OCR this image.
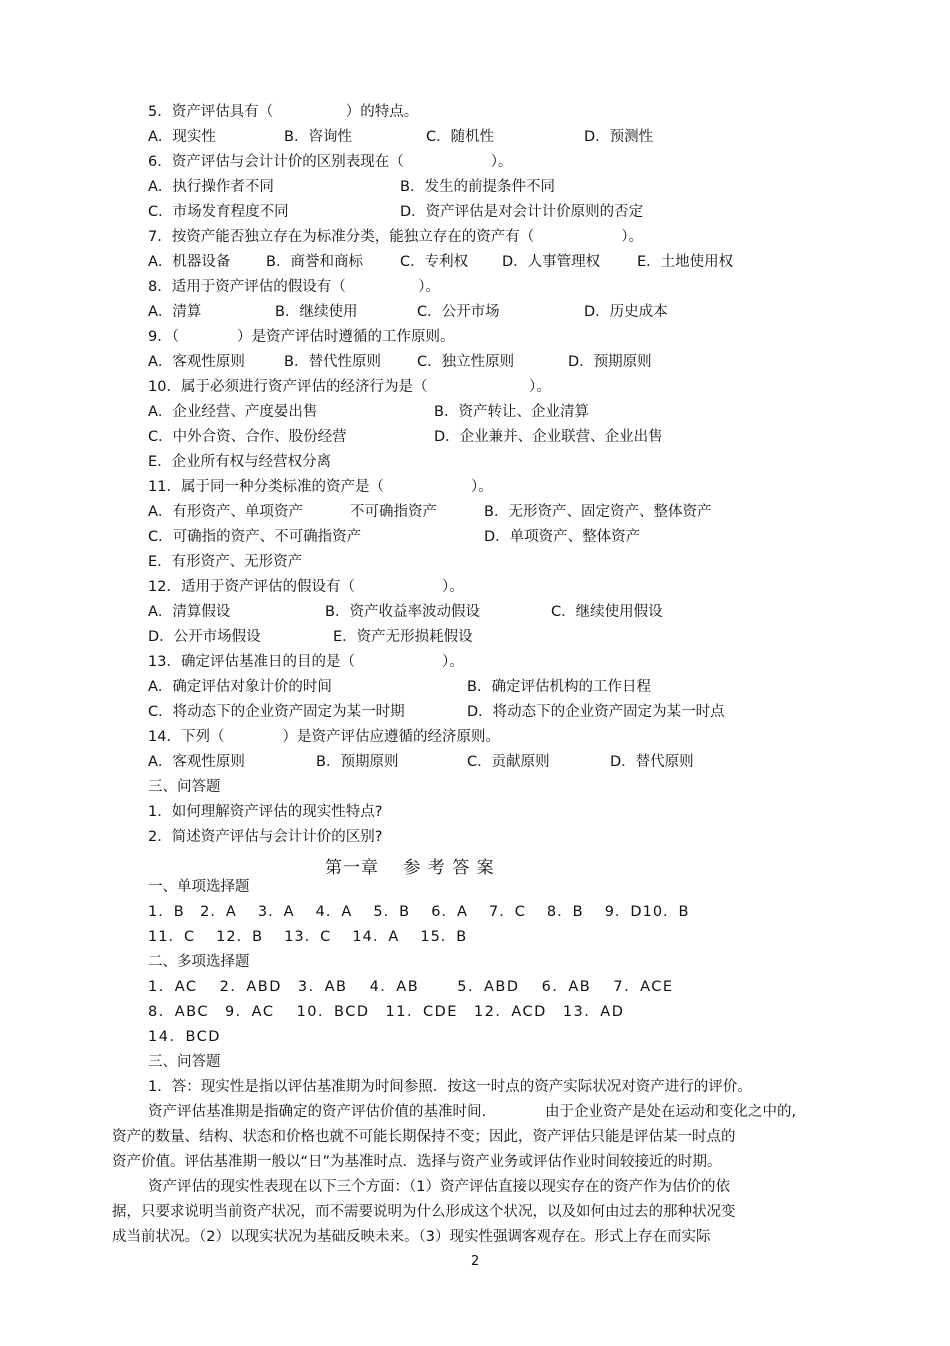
5．资产评估具有（　　　　　）的特点。
A．现实性	B．咨询性	C．随机性	D．预测性
6．资产评估与会计计价的区别表现在（　　　　　　）。
A．执行操作者不同	B．发生的前提条件不同
C．市场发育程度不同	D．资产评估是对会计计价原则的否定
7．按资产能否独立存在为标准分类，能独立存在的资产有（　　　　　　）。
A．机器设备 B．商誉和商标	C．专利权 D．人事管理权	E．土地使用权
8．适用于资产评估的假设有（　　　　　）。
A．清算	B．继续使用	C．公开市场	D．历史成本
9．（　　　　）是资产评估时遵循的工作原则。
A．客观性原则	B．替代性原则 C．独立性原则	D．预期原则
10．属于必须进行资产评估的经济行为是（　　　　　　　）。
A．企业经营、产度晏出售	B．资产转让、企业清算
C．中外合资、合作、股份经营	D．企业兼并、企业联营、企业出售
E．企业所有权与经营权分离
11．属于同一种分类标准的资产是（　　　　　　）。
A．有形资产、单项资产	不可确指资产	B．无形资产、固定资产、整体资产
C．可确指的资产、不可确指资产	D．单项资产、整体资产
E．有形资产、无形资产
12．适用于资产评估的假设有（　　　　　　）。
A．清算假设	B．资产收益率波动假设	C．继续使用假设
D．公开市场假设	E．资产无形损耗假设
13．确定评估基准日的目的是（　　　　　　）。
A．确定评估对象计价的时间	B．确定评估机构的工作日程
C．将动态下的企业资产固定为某一时期	D．将动态下的企业资产固定为某一时点
14．下列（　　　　）是资产评估应遵循的经济原则。
A．客观性原则	B．预期原则	C．贡献原则	D．替代原则
三、问答题
1．如何理解资产评估的现实性特点?
2．简述资产评估与会计计价的区别?
第一章　 参 考 答 案
一、单项选择题
1．B　2．A　 3．A　 4．A　 5．B　 6．A　 7．C　 8．B　 9．D10．B
11．C　 12．B　 13．C　 14．A　 15．B
二、多项选择题
1．AC　 2．ABD　3．AB　 4．AB　　 5．ABD　 6．AB　 7．ACE
8．ABC　9．AC　 10．BCD　11．CDE　12．ACD　13．AD
14．BCD
三、问答题
1．答：现实性是指以评估基准期为时间参照．按这一时点的资产实际状况对资产进行的评价。
资产评估基准期是指确定的资产评估价值的基准时间.	由于企业资产是处在运动和变化之中的,
资产的数量、结构、状态和价格也就不可能长期保持不变；因此，资产评估只能是评估某一时点的
资产价值。评估基准期一般以“日”为基准时点．选择与资产业务或评估作业时间较接近的时期。
资产评估的现实性表现在以下三个方面：（1）资产评估直接以现实存在的资产作为估价的依
据，只要求说明当前资产状况，而不需要说明为什么形成这个状况，以及如何由过去的那种状况变
成当前状况。（2）以现实状况为基础反映未来。（3）现实性强调客观存在。形式上存在而实际
2
